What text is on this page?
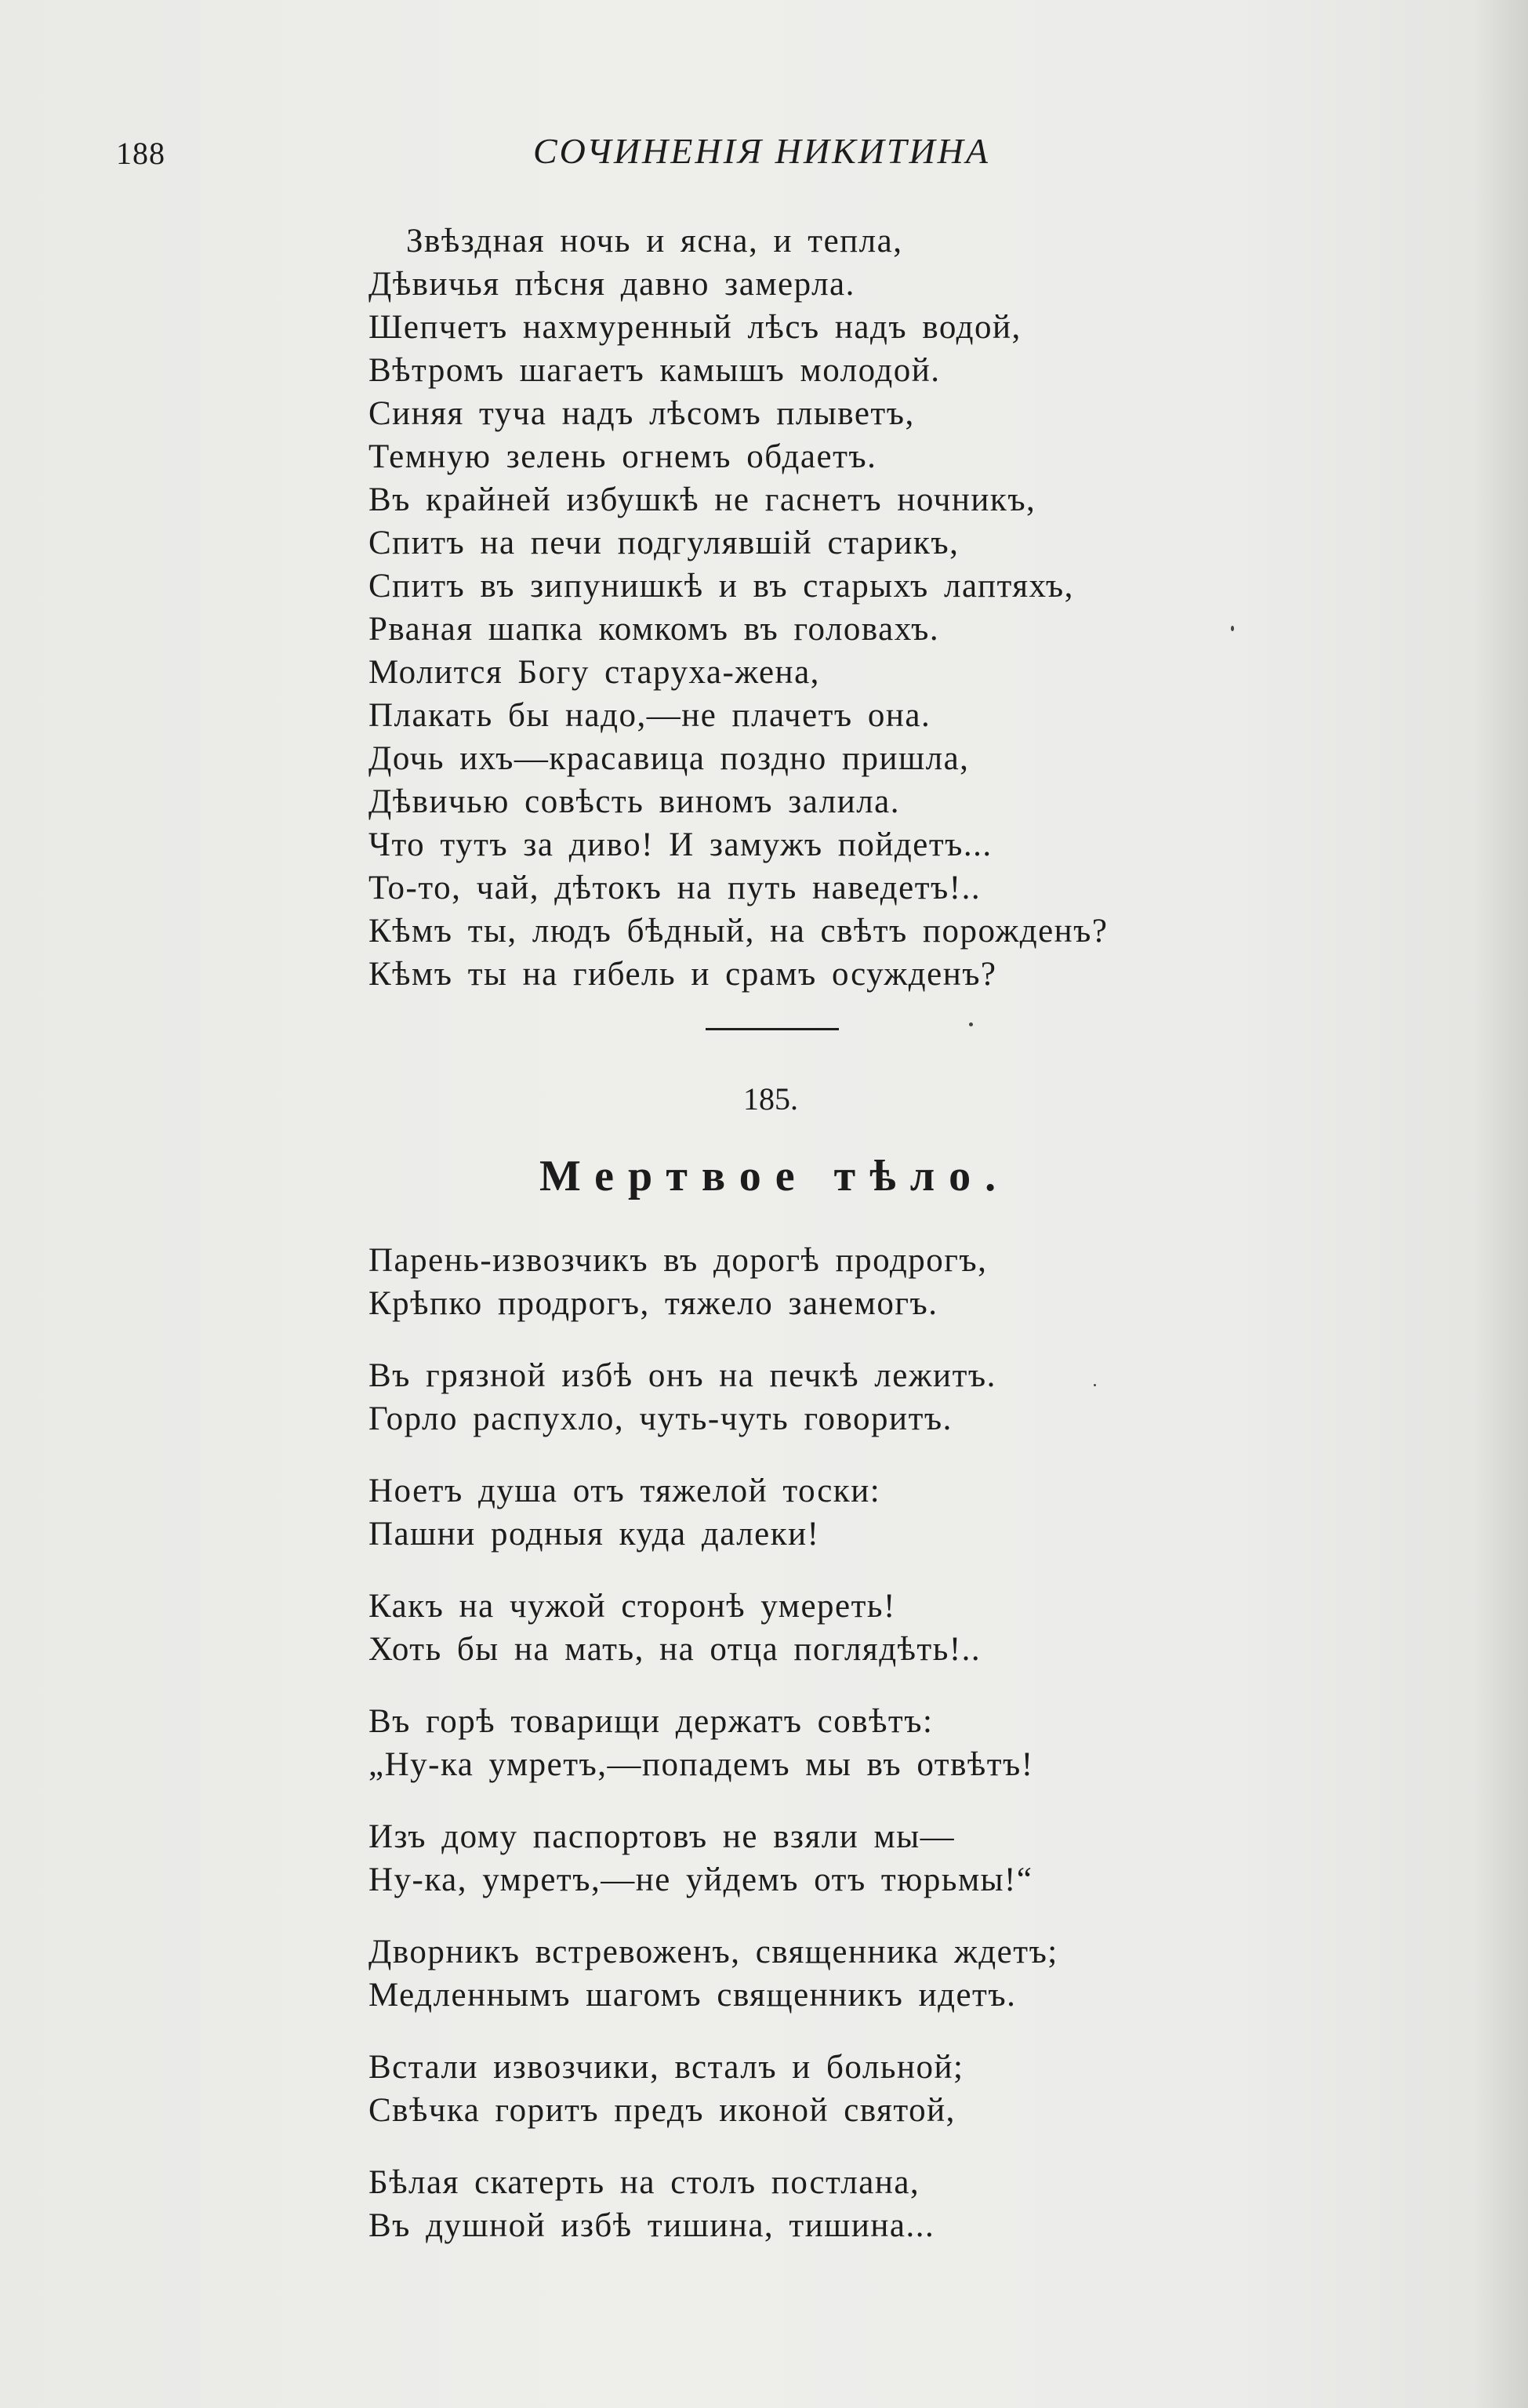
188	СОЧИНЕНІЯ НИКИТИНА
Звѣздная ночь и ясна, и тепла,
Дѣвичья пѣсня давно замерла.
Шепчетъ нахмуренный лѣсъ надъ водой,
Вѣтромъ шагаетъ камышъ молодой.
Синяя туча надъ лѣсомъ плыветъ,
Темную зелень огнемъ обдаетъ.
Въ крайней избушкѣ не гаснетъ ночникъ,
Спитъ на печи подгулявшій старикъ,
Спитъ въ зипунишкѣ и въ старыхъ лаптяхъ,
Рваная шапка комкомъ въ головахъ.
Молится Богу старуха-жена,
Плакать бы надо,—не плачетъ она.
Дочь ихъ—красавица поздно пришла,
Дѣвичью совѣсть виномъ залила.
Что тутъ за диво! И замужъ пойдетъ...
То-то, чай, дѣтокъ на путь наведетъ!..
Кѣмъ ты, людъ бѣдный, на свѣтъ порожденъ?
Кѣмъ ты на гибель и срамъ осужденъ?
185.
Мертвое тѣло.
Парень-извозчикъ въ дорогѣ продрогъ,
Крѣпко продрогъ, тяжело занемогъ.
Въ грязной избѣ онъ на печкѣ лежитъ.
Горло распухло, чуть-чуть говоритъ.
Ноетъ душа отъ тяжелой тоски:
Пашни родныя куда далеки!
Какъ на чужой сторонѣ умереть!
Хоть бы на мать, на отца поглядѣть!..
Въ горѣ товарищи держатъ совѣтъ:
„Ну-ка умретъ,—попадемъ мы въ отвѣтъ!
Изъ дому паспортовъ не взяли мы—
Ну-ка, умретъ,—не уйдемъ отъ тюрьмы!“
Дворникъ встревоженъ, священника ждетъ;
Медленнымъ шагомъ священникъ идетъ.
Встали извозчики, всталъ и больной;
Свѣчка горитъ предъ иконой святой,
Бѣлая скатерть на столъ постлана,
Въ душной избѣ тишина, тишина...
